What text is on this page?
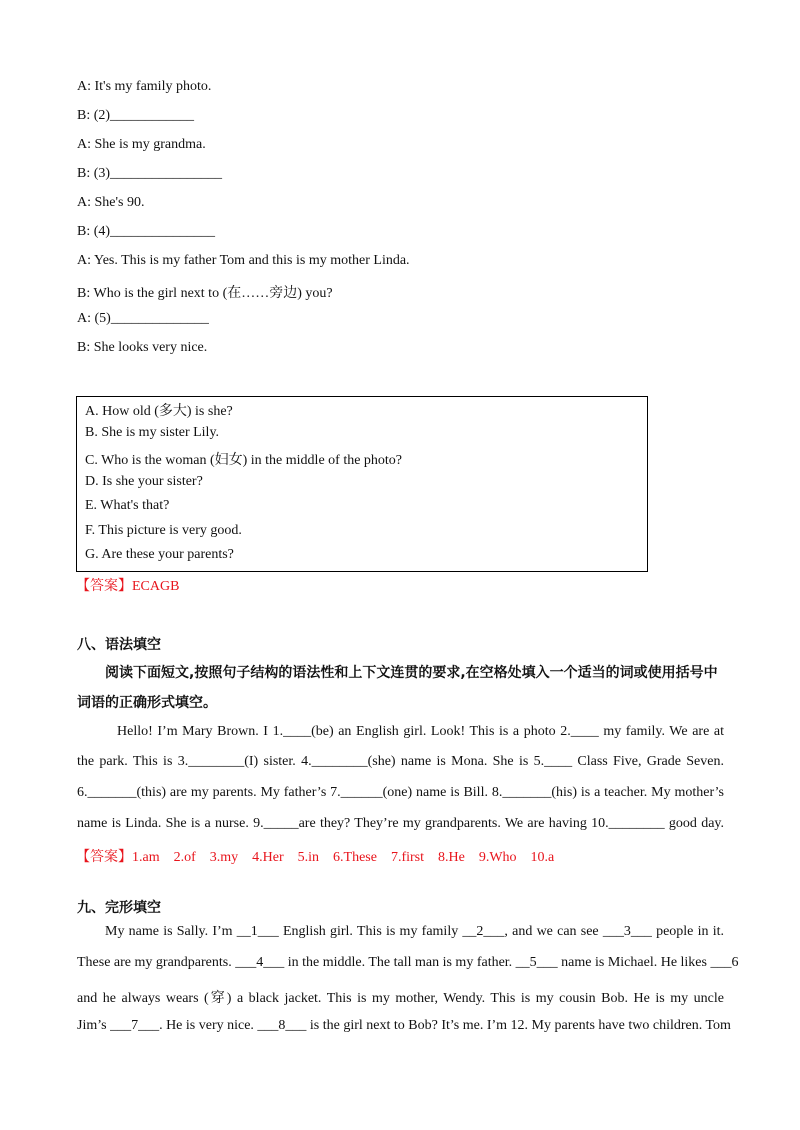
A: It's my family photo.
B: (2)____________
A: She is my grandma.
B: (3)________________
A: She's 90.
B: (4)_______________
A: Yes. This is my father Tom and this is my mother Linda.
B: Who is the girl next to (在……旁边) you?
A: (5)______________
B: She looks very nice.
A. How old (多大) is she?
B. She is my sister Lily.
C. Who is the woman (妇女) in the middle of the photo?
D. Is she your sister?
E. What's that?
F. This picture is very good.
G. Are these your parents?
【答案】ECAGB
八、语法填空
阅读下面短文,按照句子结构的语法性和上下文连贯的要求,在空格处填入一个适当的词或使用括号中
词语的正确形式填空。
Hello! I’m Mary Brown. I 1.____(be) an English girl. Look! This is a photo 2.____ my family. We are at
the park. This is 3.________(I) sister. 4.________(she) name is Mona. She is 5.____ Class Five, Grade Seven.
6._______(this) are my parents. My father’s 7.______(one) name is Bill. 8._______(his) is a teacher. My mother’s
name is Linda. She is a nurse. 9._____are they? They’re my grandparents. We are having 10.________ good day.
【答案】1.am    2.of    3.my    4.Her    5.in    6.These    7.first    8.He    9.Who    10.a
九、完形填空
My name is Sally. I’m __1___ English girl. This is my family __2___, and we can see ___3___ people in it.
These are my grandparents. ___4___ in the middle. The tall man is my father. __5___ name is Michael. He likes ___6
and he always wears (穿) a black jacket. This is my mother, Wendy. This is my cousin Bob. He is my uncle
Jim’s ___7___. He is very nice. ___8___ is the girl next to Bob? It’s me. I’m 12. My parents have two children. Tom
